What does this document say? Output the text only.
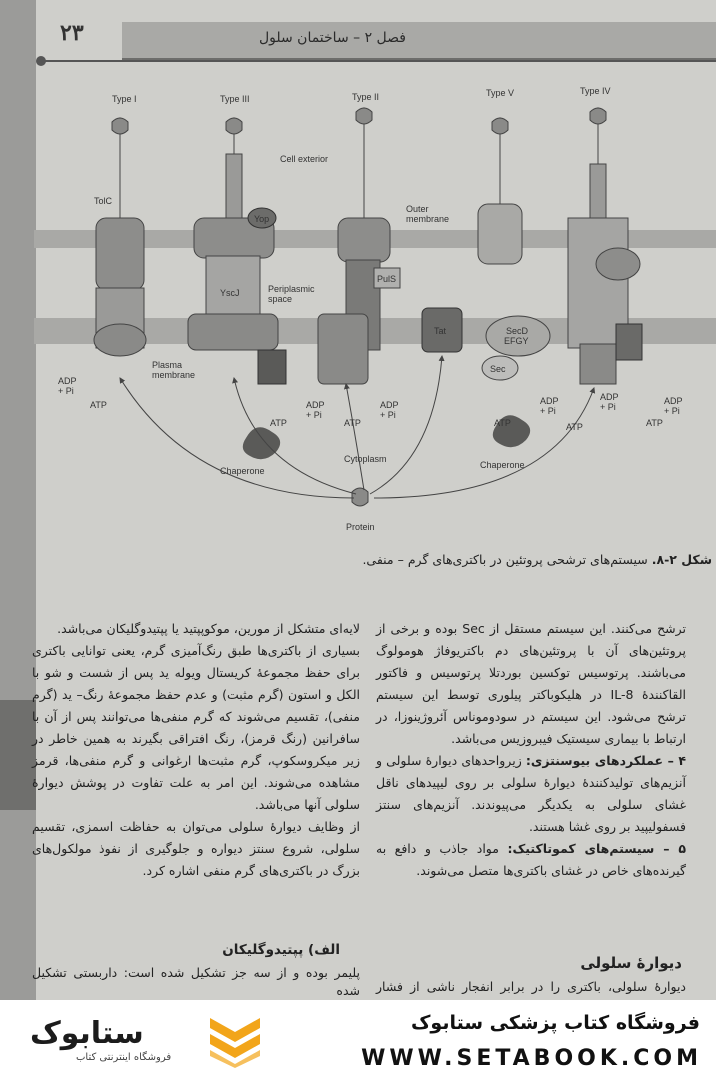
فصل ۲ – ساختمان سلول
۲۳
Type I	Type III	Type II	Type V	Type IV
Cell exterior
TolC
Yop
YscJ
Outer
membrane
Periplasmic
space
PulS
Tat	SecD
EFGY
Sec
Plasma
membrane
ADP
+ Pi
ATP	ADP
+ Pi
ATP
ADP
+ Pi
ATP	ATP
ADP
+ Pi
ATP
ADP
+ Pi
ATP
ADP
+ Pi
Chaperone
Chaperone
Cytoplasm
Protein
شکل ۲-۸. سیستم‌های ترشحی پروتئین در باکتری‌های گرم – منفی.

ترشح می‌کنند. این سیستم مستقل از Sec بوده و برخی از پروتئین‌های آن با پروتئین‌های دم باکتریوفاژ هومولوگ می‌باشند. پرتوسیس توکسین بوردتلا پرتوسیس و فاکتور القاکنندهٔ IL-8 در هلیکوباکتر پیلوری توسط این سیستم ترشح می‌شود. این سیستم در سودوموناس آئروژینوزا، در ارتباط با بیماری سیستیک فیبروزیس می‌باشد.

۴ – عملکردهای بیوسنتزی: زیرواحدهای دیوارهٔ سلولی و آنزیم‌های تولیدکنندهٔ دیوارهٔ سلولی بر روی لیپیدهای ناقل غشای سلولی به یکدیگر می‌پیوندند. آنزیم‌های سنتز فسفولیپید بر روی غشا هستند.

۵ – سیستم‌های کموتاکتیک: مواد جاذب و دافع به گیرنده‌های خاص در غشای باکتری‌ها متصل می‌شوند.

دیوارهٔ سلولی
دیوارهٔ سلولی، باکتری را در برابر انفجار ناشی از فشار

لایه‌ای متشکل از مورین، موکوپپتید یا پپتیدوگلیکان می‌باشد.

بسیاری از باکتری‌ها طبق رنگ‌آمیزی گرم، یعنی توانایی باکتری برای حفظ مجموعهٔ کریستال ویوله ید پس از شست و شو با الکل و استون (گرم مثبت) و عدم حفظ مجموعهٔ رنگ– ید (گرم منفی)، تقسیم می‌شوند که گرم منفی‌ها می‌توانند پس از آن با سافرانین (رنگ قرمز)، رنگ افتراقی بگیرند به همین خاطر در زیر میکروسکوپ، گرم مثبت‌ها ارغوانی و گرم منفی‌ها، قرمز مشاهده می‌شوند. این امر به علت تفاوت در پوشش دیوارهٔ سلولی آنها می‌باشد.

از وظایف دیوارهٔ سلولی می‌توان به حفاظت اسمزی، تقسیم سلولی، شروع سنتز دیواره و جلوگیری از نفوذ مولکول‌های بزرگ در باکتری‌های گرم منفی اشاره کرد.

الف) پپتیدوگلیکان
پلیمر بوده و از سه جز تشکیل شده است: داربستی تشکیل شده
ستابوک
فروشگاه اینترنتی کتاب
فروشگاه کتاب پزشکی ستابوک
WWW.SETABOOK.COM
